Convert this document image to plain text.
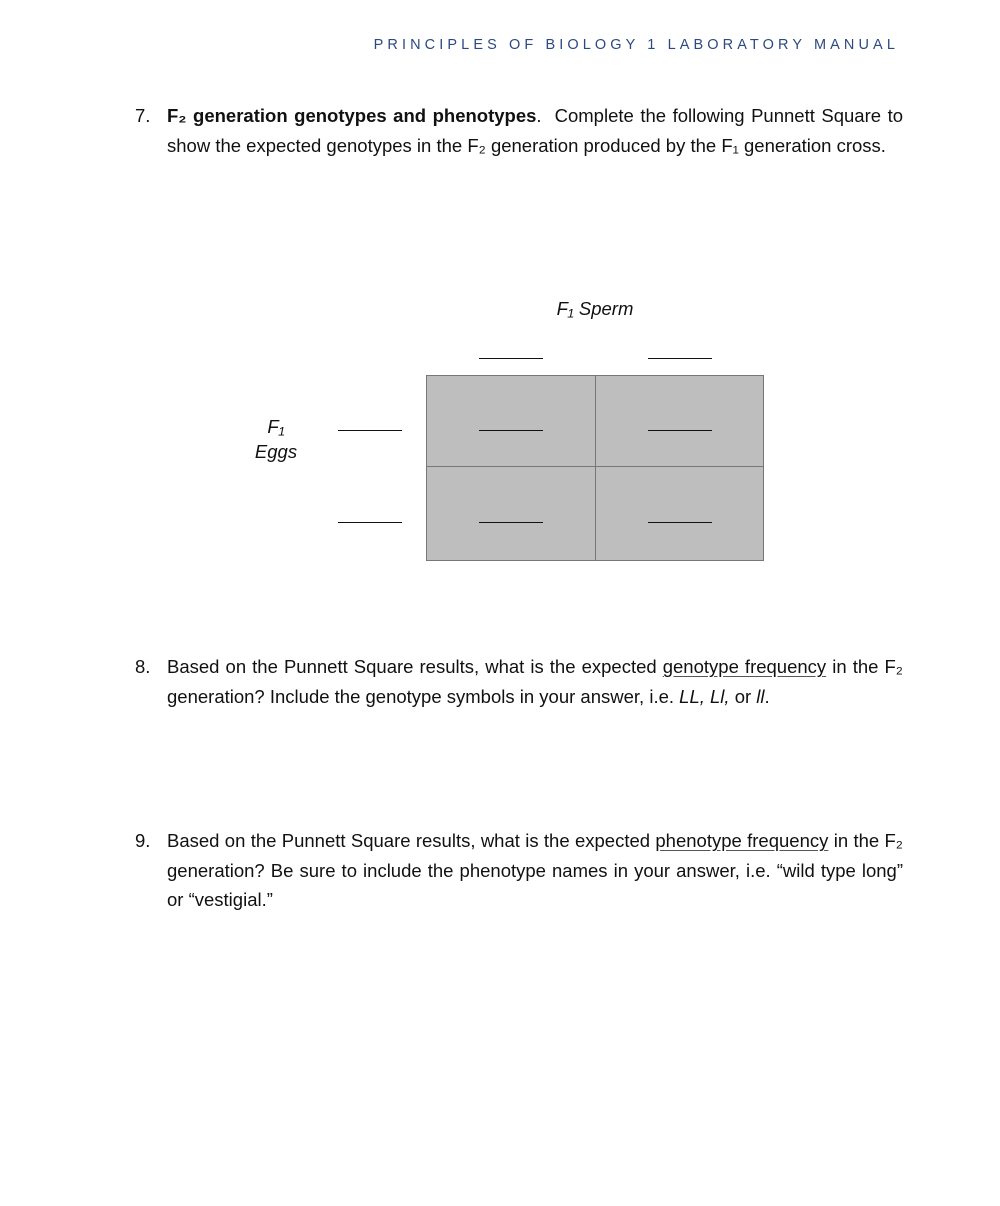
PRINCIPLES OF BIOLOGY 1 LABORATORY MANUAL
7. F₂ generation genotypes and phenotypes. Complete the following Punnett Square to show the expected genotypes in the F₂ generation produced by the F₁ generation cross.
F₁ Sperm
F₁
Eggs
8. Based on the Punnett Square results, what is the expected genotype frequency in the F₂ generation? Include the genotype symbols in your answer, i.e. LL, Ll, or ll.
9. Based on the Punnett Square results, what is the expected phenotype frequency in the F₂ generation? Be sure to include the phenotype names in your answer, i.e. “wild type long” or “vestigial.”
